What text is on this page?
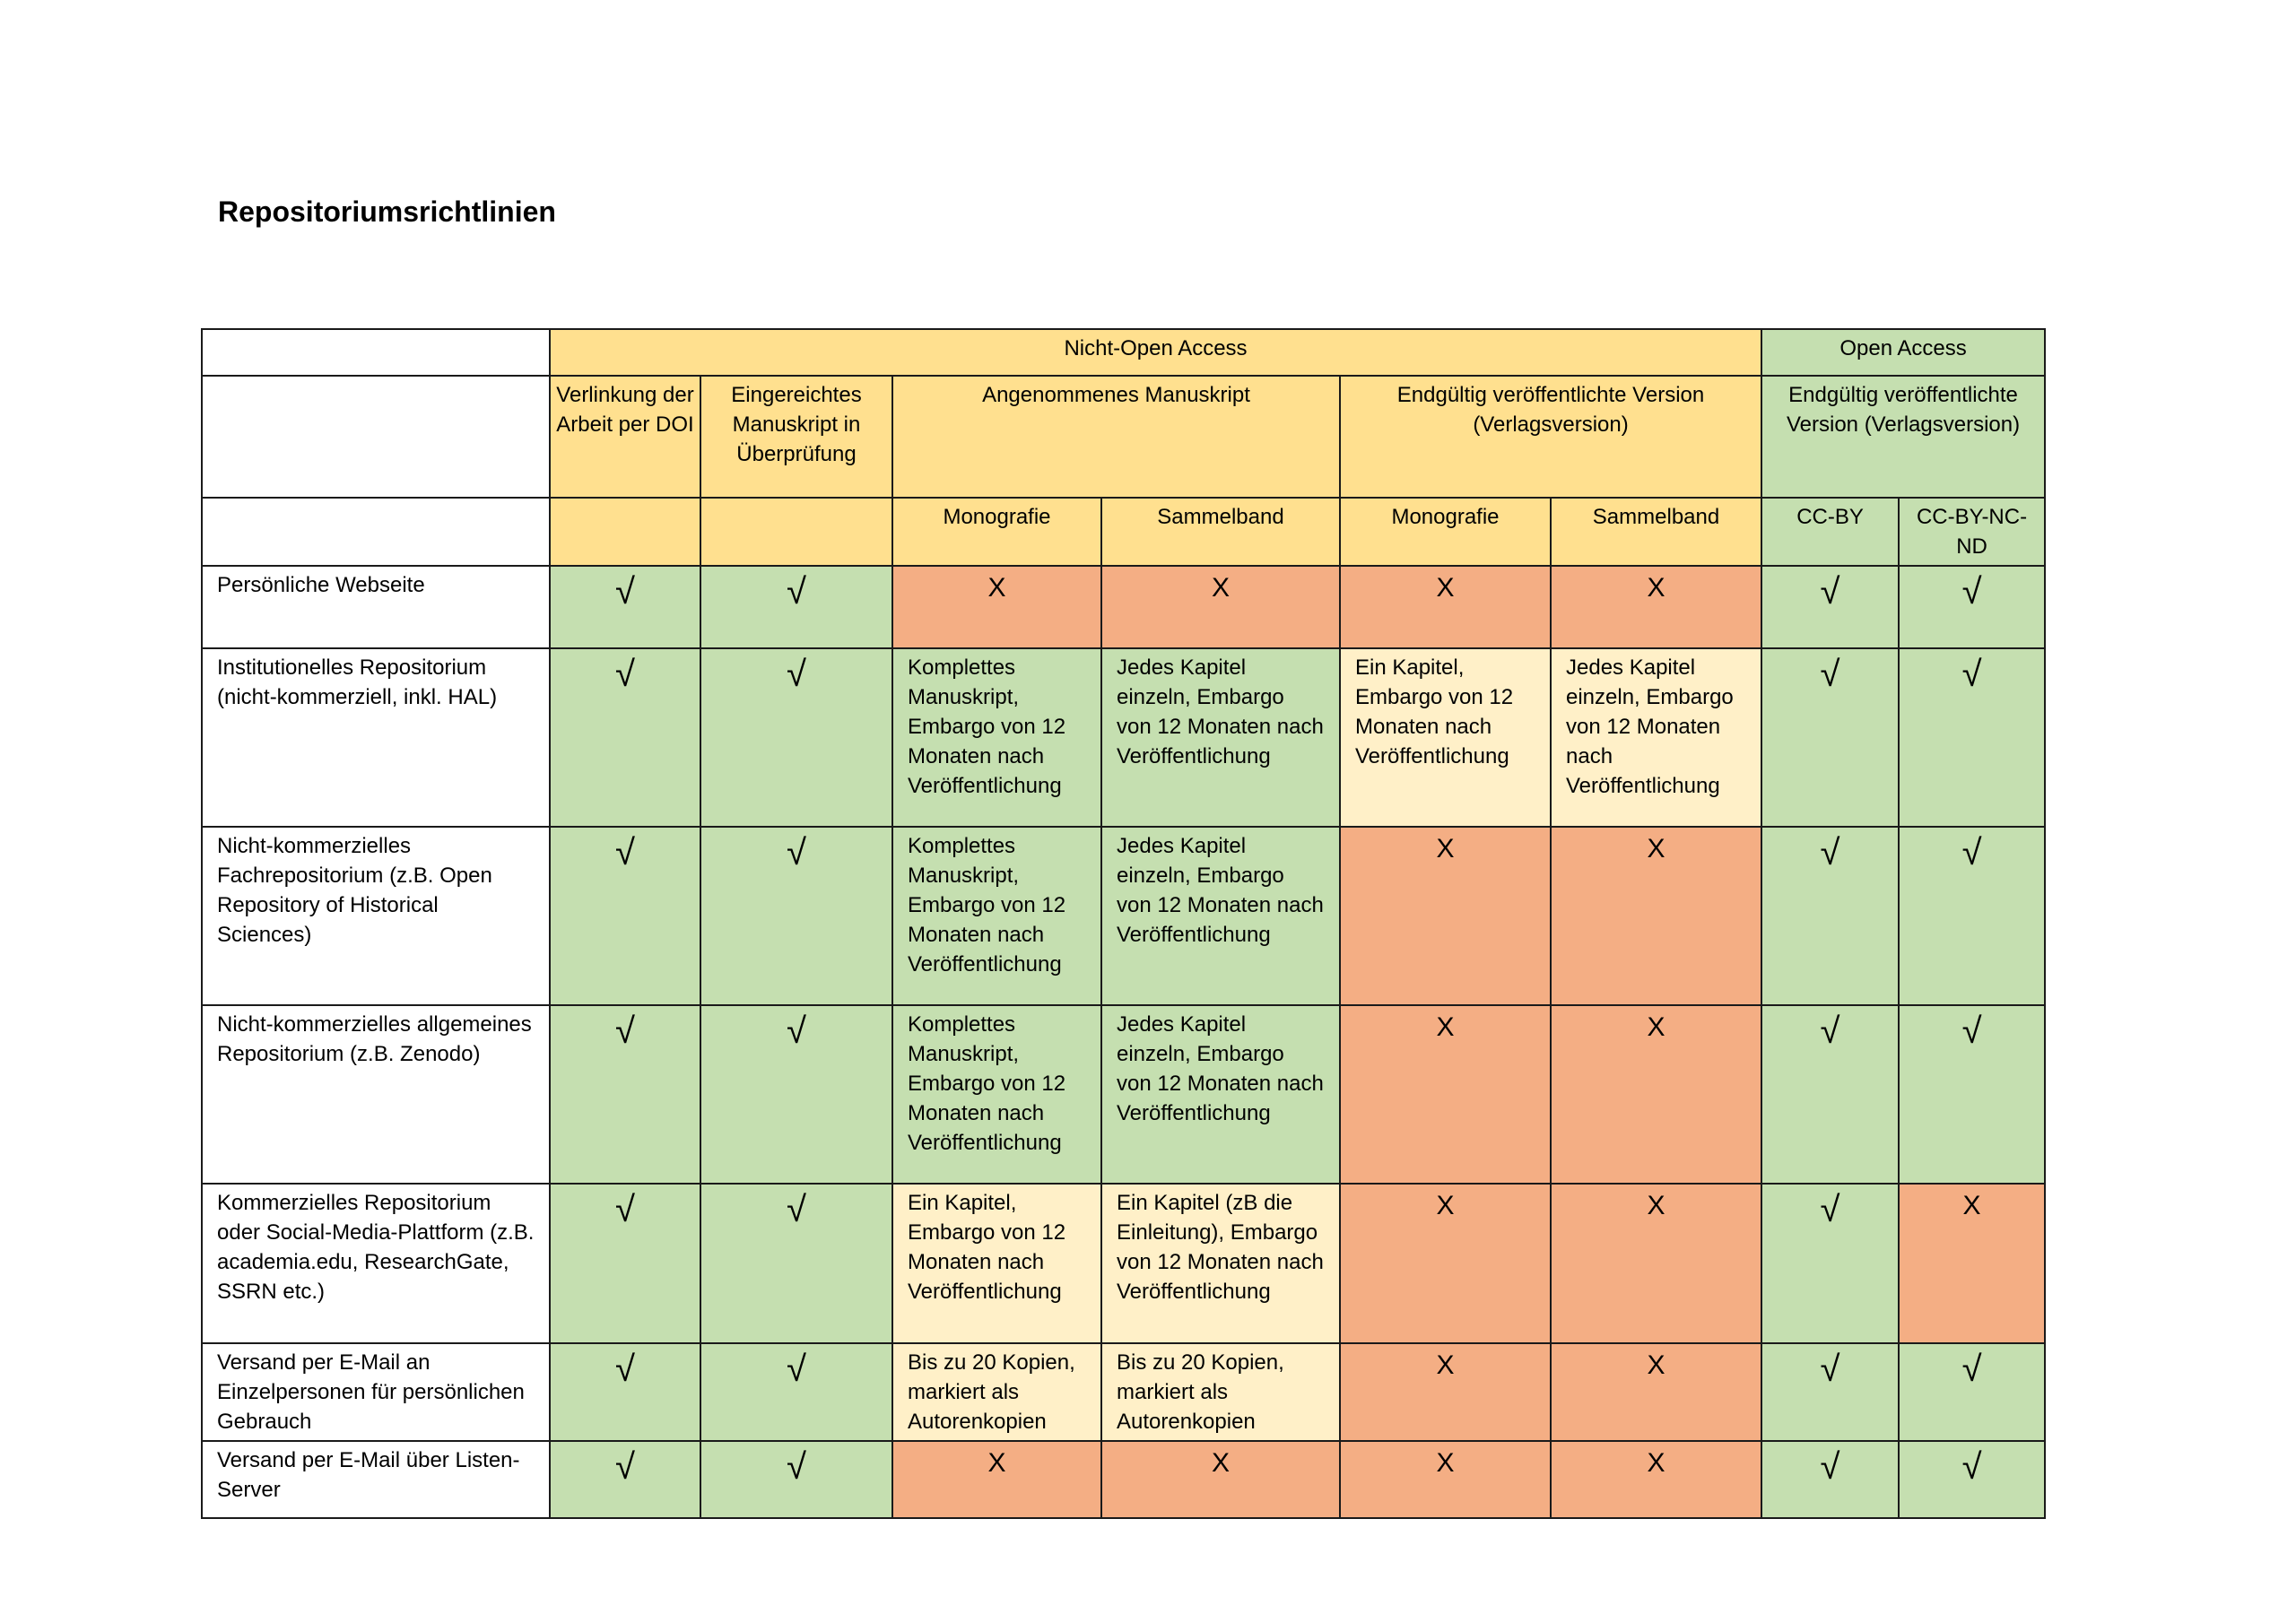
Repositoriumsrichtlinien
	Nicht-Open Access						Open Access	
	Verlinkung der Arbeit per DOI	Eingereichtes Manuskript in Überprüfung	Angenommenes Manuskript		Endgültig veröffentlichte Version (Verlagsversion)		Endgültig veröffentlichte Version (Verlagsversion)	
			Monografie	Sammelband	Monografie	Sammelband	CC-BY	CC-BY-NC-ND
Persönliche Webseite	√	√	X	X	X	X	√	√
Institutionelles Repositorium (nicht-kommerziell, inkl. HAL)	√	√	Komplettes Manuskript, Embargo von 12 Monaten nach Veröffentlichung	Jedes Kapitel einzeln, Embargo von 12 Monaten nach Veröffentlichung	Ein Kapitel, Embargo von 12 Monaten nach Veröffentlichung	Jedes Kapitel einzeln, Embargo von 12 Monaten nach Veröffentlichung	√	√
Nicht-kommerzielles Fachrepositorium (z.B. Open Repository of Historical Sciences)	√	√	Komplettes Manuskript, Embargo von 12 Monaten nach Veröffentlichung	Jedes Kapitel einzeln, Embargo von 12 Monaten nach Veröffentlichung	X	X	√	√
Nicht-kommerzielles allgemeines Repositorium (z.B. Zenodo)	√	√	Komplettes Manuskript, Embargo von 12 Monaten nach Veröffentlichung	Jedes Kapitel einzeln, Embargo von 12 Monaten nach Veröffentlichung	X	X	√	√
Kommerzielles Repositorium oder Social-Media-Plattform (z.B. academia.edu, ResearchGate, SSRN etc.)	√	√	Ein Kapitel, Embargo von 12 Monaten nach Veröffentlichung	Ein Kapitel (zB die Einleitung), Embargo von 12 Monaten nach Veröffentlichung	X	X	√	X
Versand per E-Mail an Einzelpersonen für persönlichen Gebrauch	√	√	Bis zu 20 Kopien, markiert als Autorenkopien	Bis zu 20 Kopien, markiert als Autorenkopien	X	X	√	√
Versand per E-Mail über Listen-Server	√	√	X	X	X	X	√	√
